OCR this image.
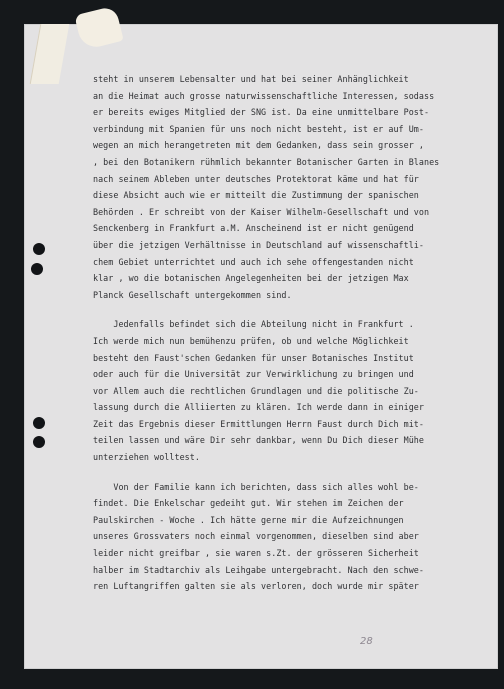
steht in unserem Lebensalter und hat bei seiner Anhänglichkeit
an die Heimat auch grosse naturwissenschaftliche Interessen, sodass
er bereits ewiges Mitglied der SNG ist. Da eine unmittelbare Post-
verbindung mit Spanien für uns noch nicht besteht, ist er auf Um-
wegen an mich herangetreten mit dem Gedanken, dass sein grosser ,
, bei den Botanikern rühmlich bekannter Botanischer Garten in Blanes
nach seinem Ableben unter deutsches Protektorat käme und hat für
diese Absicht auch wie er mitteilt die Zustimmung der spanischen
Behörden . Er schreibt von der Kaiser Wilhelm-Gesellschaft und von
Senckenberg in Frankfurt a.M. Anscheinend ist er nicht genügend
über die jetzigen Verhältnisse in Deutschland auf wissenschaftli-
chem Gebiet unterrichtet und auch ich sehe offengestanden nicht
klar , wo die botanischen Angelegenheiten bei der jetzigen Max
Planck Gesellschaft untergekommen sind.
Jedenfalls befindet sich die Abteilung nicht in Frankfurt .
Ich werde mich nun bemühenzu prüfen, ob und welche Möglichkeit
besteht den Faust'schen Gedanken für unser Botanisches Institut
oder auch für die Universität zur Verwirklichung zu bringen und
vor Allem auch die rechtlichen Grundlagen und die politische Zu-
lassung durch die Alliierten zu klären. Ich werde dann in einiger
Zeit das Ergebnis dieser Ermittlungen Herrn Faust durch Dich mit-
teilen lassen und wäre Dir sehr dankbar, wenn Du Dich dieser Mühe
unterziehen wolltest.
Von der Familie kann ich berichten, dass sich alles wohl be-
findet. Die Enkelschar gedeiht gut. Wir stehen im Zeichen der
Paulskirchen - Woche . Ich hätte gerne mir die Aufzeichnungen
unseres Grossvaters noch einmal vorgenommen, dieselben sind aber
leider nicht greifbar , sie waren s.Zt. der grösseren Sicherheit
halber im Stadtarchiv als Leihgabe untergebracht. Nach den schwe-
ren Luftangriffen galten sie als verloren, doch wurde mir später
28
